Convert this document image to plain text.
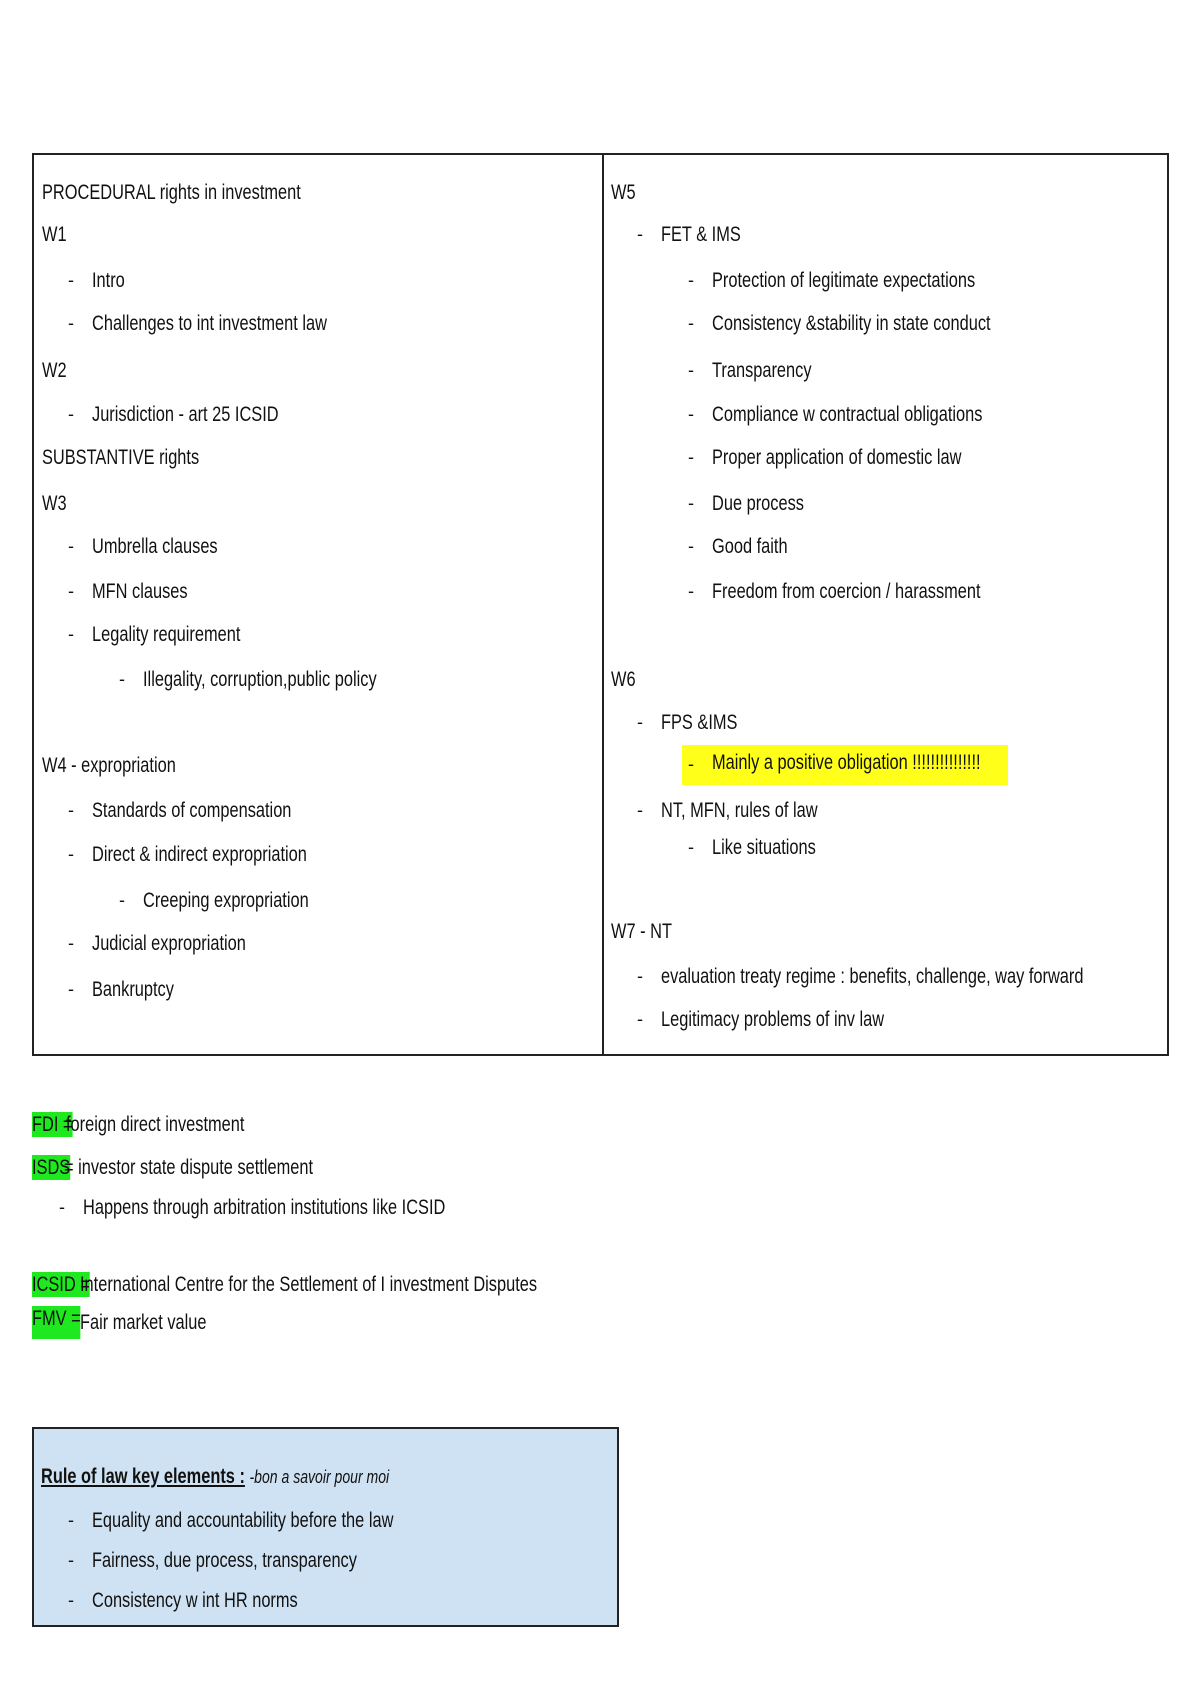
PROCEDURAL rights in investment
W1
- Intro
- Challenges to int investment law
W2
- Jurisdiction - art 25 ICSID
SUBSTANTIVE rights
W3
- Umbrella clauses
- MFN clauses
- Legality requirement
- Illegality, corruption,public policy
W4 - expropriation
- Standards of compensation
- Direct & indirect expropriation
- Creeping expropriation
- Judicial expropriation
- Bankruptcy
W5
- FET & IMS
- Protection of legitimate expectations
- Consistency &stability in state conduct
- Transparency
- Compliance w contractual obligations
- Proper application of domestic law
- Due process
- Good faith
- Freedom from coercion / harassment
W6
- FPS &IMS
- Mainly a positive obligation !!!!!!!!!!!!!!!
- NT, MFN, rules of law
- Like situations
W7 - NT
- evaluation treaty regime : benefits, challenge, way forward
- Legitimacy problems of inv law
FDI =
foreign direct investment
ISDS
= investor state dispute settlement
- Happens through arbitration institutions like ICSID
ICSID =
International Centre for the Settlement of I investment Disputes
FMV = Fair market value
Rule of law key elements : -bon a savoir pour moi
- Equality and accountability before the law
- Fairness, due process, transparency
- Consistency w int HR norms
